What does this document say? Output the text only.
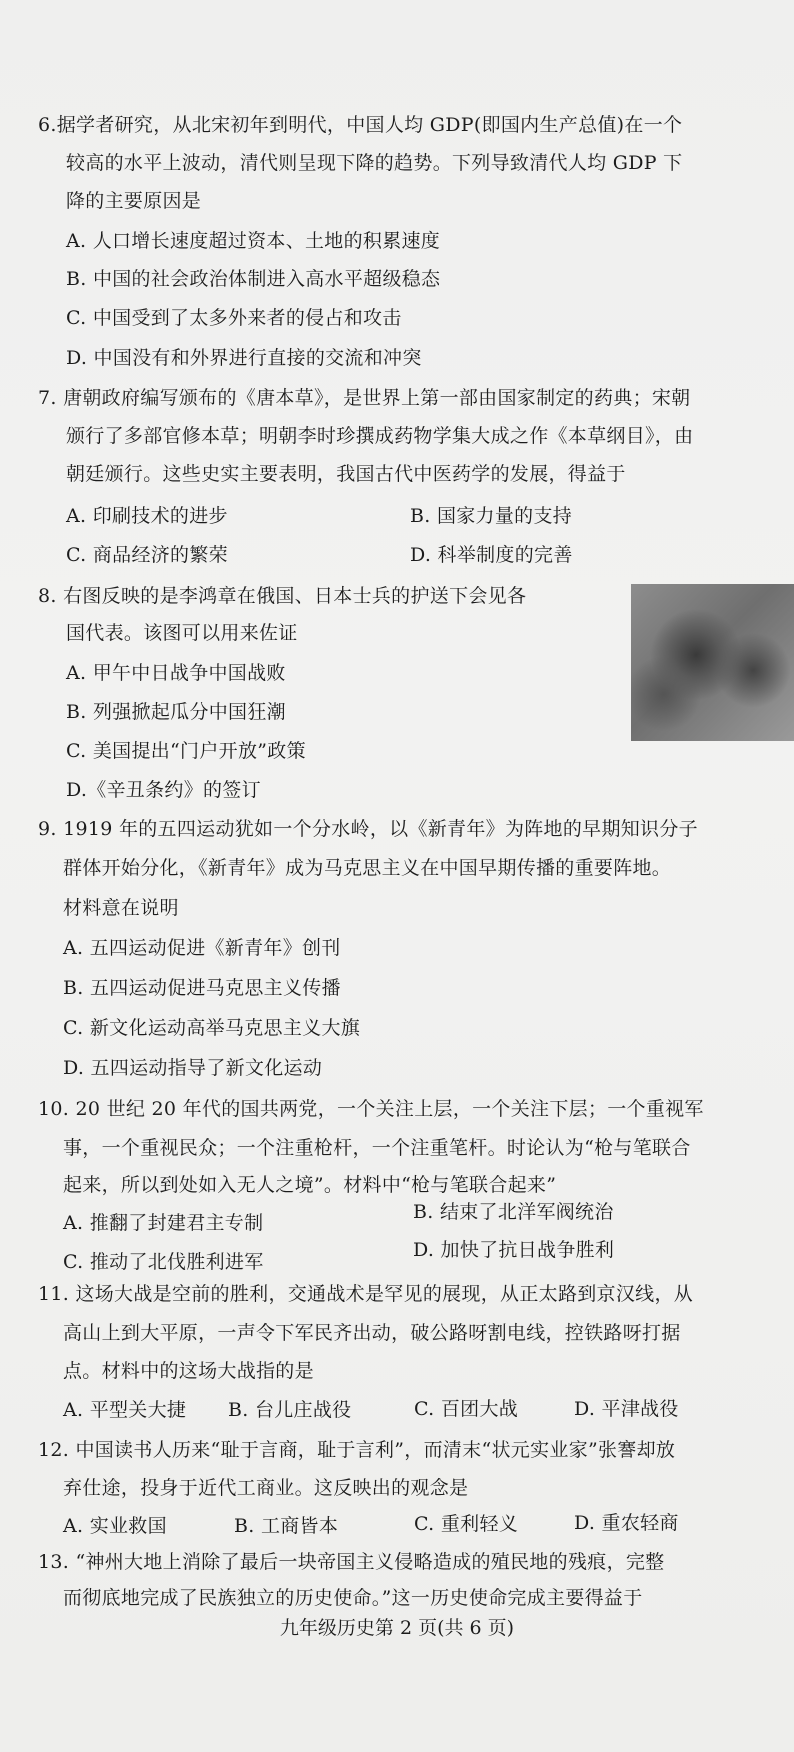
6.据学者研究，从北宋初年到明代，中国人均 GDP(即国内生产总值)在一个
较高的水平上波动，清代则呈现下降的趋势。下列导致清代人均 GDP 下
降的主要原因是
A. 人口增长速度超过资本、土地的积累速度
B. 中国的社会政治体制进入高水平超级稳态
C. 中国受到了太多外来者的侵占和攻击
D. 中国没有和外界进行直接的交流和冲突
7. 唐朝政府编写颁布的《唐本草》，是世界上第一部由国家制定的药典；宋朝
颁行了多部官修本草；明朝李时珍撰成药物学集大成之作《本草纲目》，由
朝廷颁行。这些史实主要表明，我国古代中医药学的发展，得益于
A. 印刷技术的进步	B. 国家力量的支持
C. 商品经济的繁荣	D. 科举制度的完善
8. 右图反映的是李鸿章在俄国、日本士兵的护送下会见各
国代表。该图可以用来佐证
A. 甲午中日战争中国战败
B. 列强掀起瓜分中国狂潮
C. 美国提出“门户开放”政策
D.《辛丑条约》的签订
9. 1919 年的五四运动犹如一个分水岭，以《新青年》为阵地的早期知识分子
群体开始分化，《新青年》成为马克思主义在中国早期传播的重要阵地。
材料意在说明
A. 五四运动促进《新青年》创刊
B. 五四运动促进马克思主义传播
C. 新文化运动高举马克思主义大旗
D. 五四运动指导了新文化运动
10. 20 世纪 20 年代的国共两党，一个关注上层，一个关注下层；一个重视军
事，一个重视民众；一个注重枪杆，一个注重笔杆。时论认为“枪与笔联合
起来，所以到处如入无人之境”。材料中“枪与笔联合起来”
A. 推翻了封建君主专制	B. 结束了北洋军阀统治
C. 推动了北伐胜利进军
D. 加快了抗日战争胜利
11. 这场大战是空前的胜利，交通战术是罕见的展现，从正太路到京汉线，从
高山上到大平原，一声令下军民齐出动，破公路呀割电线，控铁路呀打据
点。材料中的这场大战指的是
A. 平型关大捷 B. 台儿庄战役	C. 百团大战	D. 平津战役
12. 中国读书人历来“耻于言商，耻于言利”，而清末“状元实业家”张謇却放
弃仕途，投身于近代工商业。这反映出的观念是
A. 实业救国	B. 工商皆本	C. 重利轻义	D. 重农轻商
13. “神州大地上消除了最后一块帝国主义侵略造成的殖民地的残痕，完整
而彻底地完成了民族独立的历史使命。”这一历史使命完成主要得益于
九年级历史第 2 页(共 6 页)
